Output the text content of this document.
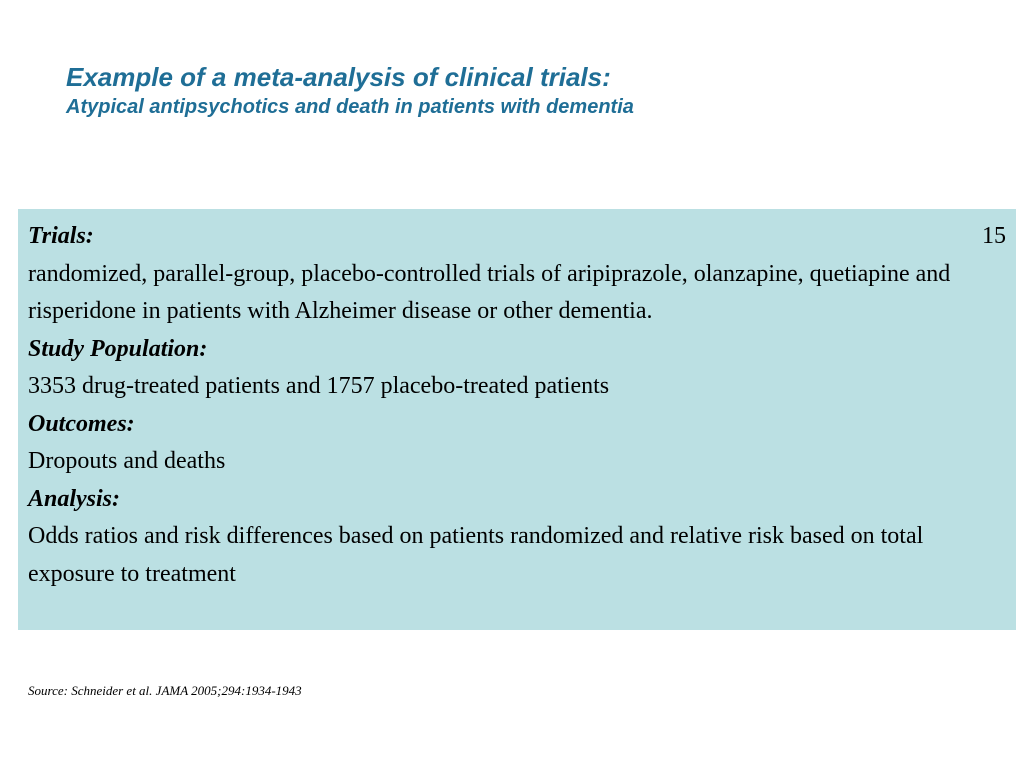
Example of a meta-analysis of clinical trials:
Atypical antipsychotics and death in patients with dementia
Trials:	15
randomized, parallel-group, placebo-controlled trials of aripiprazole, olanzapine, quetiapine and risperidone in patients with Alzheimer disease or other dementia.
Study Population:
3353 drug-treated patients and 1757 placebo-treated patients
Outcomes:
Dropouts and deaths
Analysis:
Odds ratios and risk differences based on patients randomized and relative risk based on total exposure to treatment
Source: Schneider et al. JAMA 2005;294:1934-1943
